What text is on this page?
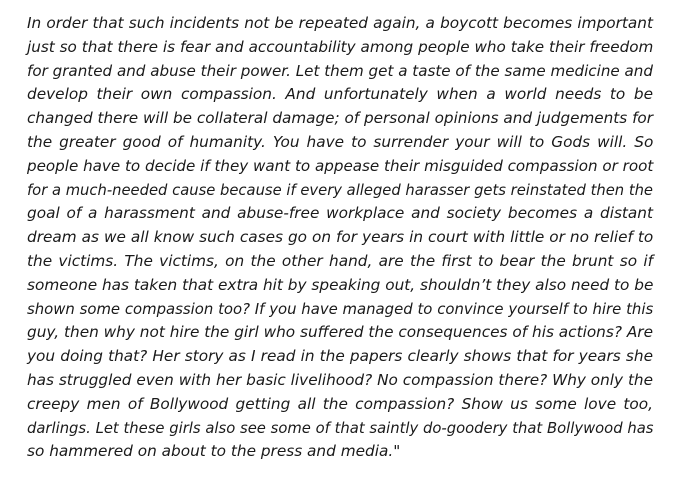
In order that such incidents not be repeated again, a boycott becomes important
just so that there is fear and accountability among people who take their freedom
for granted and abuse their power. Let them get a taste of the same medicine and
develop their own compassion. And unfortunately when a world needs to be
changed there will be collateral damage; of personal opinions and judgements for
the greater good of humanity. You have to surrender your will to Gods will. So
people have to decide if they want to appease their misguided compassion or root
for a much-needed cause because if every alleged harasser gets reinstated then the
goal of a harassment and abuse-free workplace and society becomes a distant
dream as we all know such cases go on for years in court with little or no relief to
the victims. The victims, on the other hand, are the first to bear the brunt so if
someone has taken that extra hit by speaking out, shouldn’t they also need to be
shown some compassion too? If you have managed to convince yourself to hire this
guy, then why not hire the girl who suffered the consequences of his actions? Are
you doing that? Her story as I read in the papers clearly shows that for years she
has struggled even with her basic livelihood? No compassion there? Why only the
creepy men of Bollywood getting all the compassion? Show us some love too,
darlings. Let these girls also see some of that saintly do-goodery that Bollywood has
so hammered on about to the press and media."
